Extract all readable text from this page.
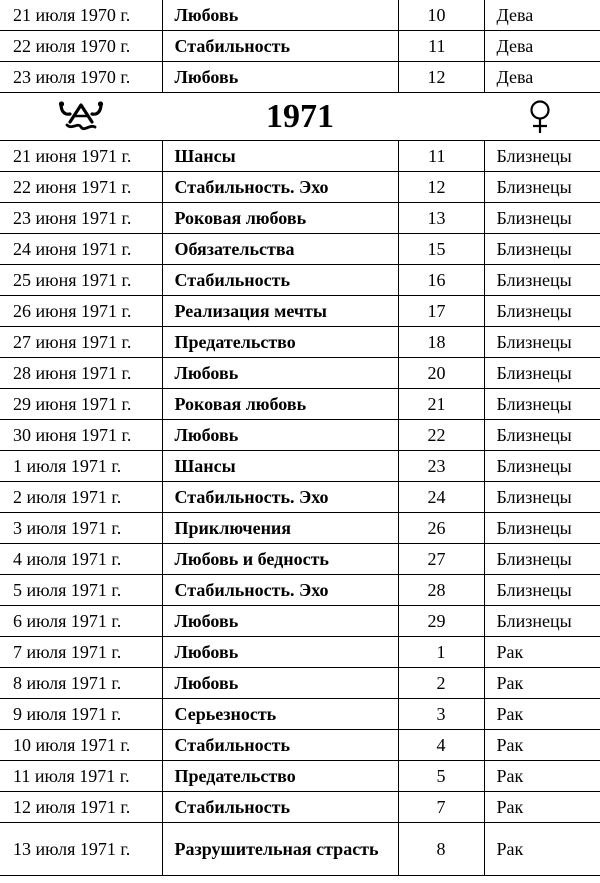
21 июля 1970 г.	Любовь	10	Дева
22 июля 1970 г.	Стабильность	11	Дева
23 июля 1970 г.	Любовь	12	Дева

1971			

21 июня 1971 г.	Шансы	11	Близнецы
22 июня 1971 г.	Стабильность. Эхо	12	Близнецы
23 июня 1971 г.	Роковая любовь	13	Близнецы
24 июня 1971 г.	Обязательства	15	Близнецы
25 июня 1971 г.	Стабильность	16	Близнецы
26 июня 1971 г.	Реализация мечты	17	Близнецы
27 июня 1971 г.	Предательство	18	Близнецы
28 июня 1971 г.	Любовь	20	Близнецы
29 июня 1971 г.	Роковая любовь	21	Близнецы
30 июня 1971 г.	Любовь	22	Близнецы
1 июля 1971 г.	Шансы	23	Близнецы
2 июля 1971 г.	Стабильность. Эхо	24	Близнецы
3 июля 1971 г.	Приключения	26	Близнецы
4 июля 1971 г.	Любовь и бедность	27	Близнецы
5 июля 1971 г.	Стабильность. Эхо	28	Близнецы
6 июля 1971 г.	Любовь	29	Близнецы
7 июля 1971 г.	Любовь	1	Рак
8 июля 1971 г.	Любовь	2	Рак
9 июля 1971 г.	Серьезность	3	Рак
10 июля 1971 г.	Стабильность	4	Рак
11 июля 1971 г.	Предательство	5	Рак
12 июля 1971 г.	Стабильность	7	Рак
13 июля 1971 г.	Разрушительная страсть	8	Рак
